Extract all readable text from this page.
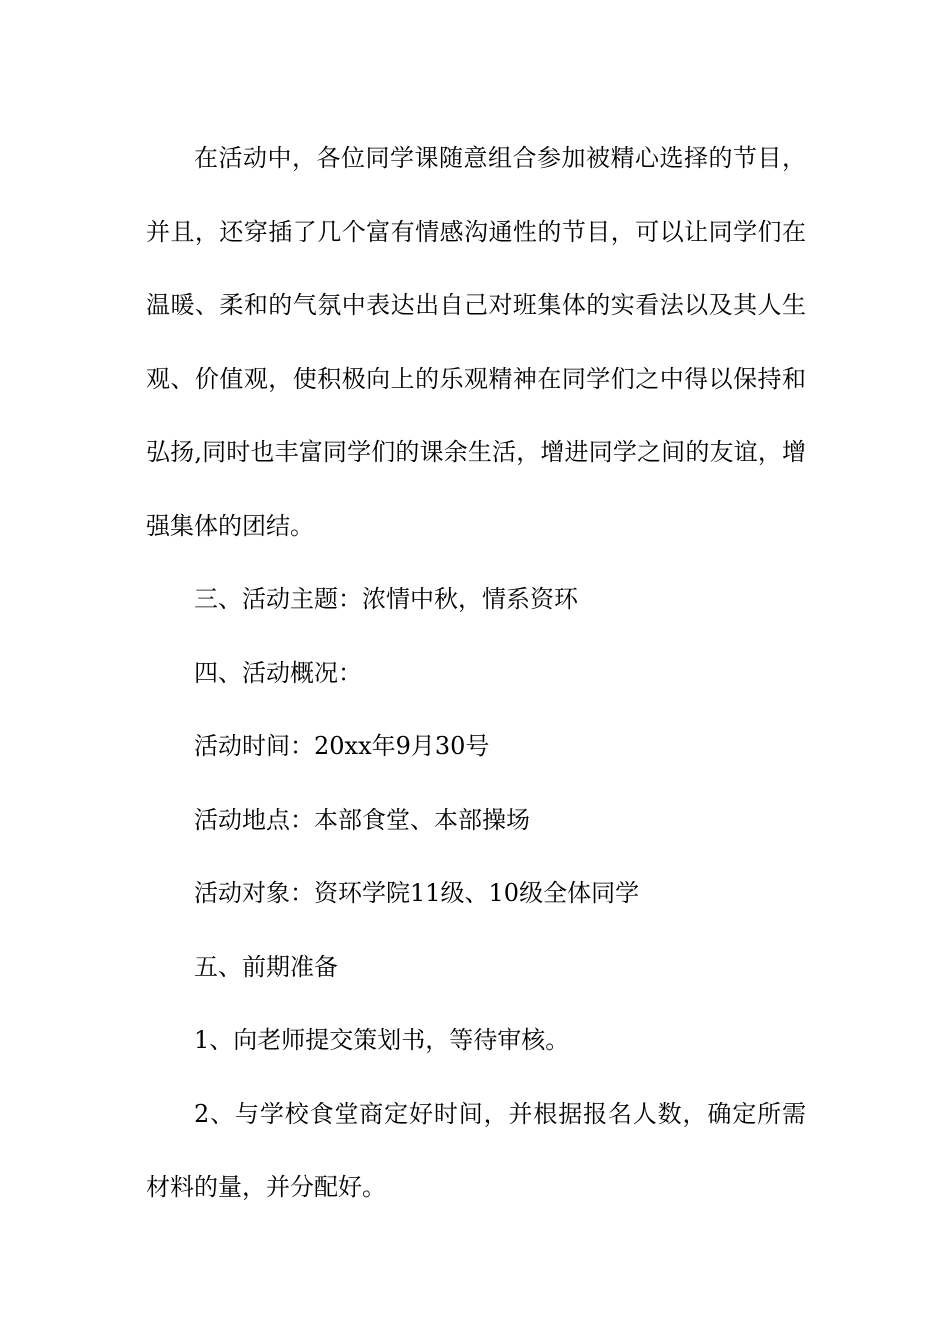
在活动中，各位同学课随意组合参加被精心选择的节目，并且，还穿插了几个富有情感沟通性的节目，可以让同学们在温暖、柔和的气氛中表达出自己对班集体的实看法以及其人生观、价值观，使积极向上的乐观精神在同学们之中得以保持和弘扬,同时也丰富同学们的课余生活，增进同学之间的友谊，增强集体的团结。

三、活动主题：浓情中秋，情系资环

四、活动概况：

活动时间：20xx年9月30号

活动地点：本部食堂、本部操场

活动对象：资环学院11级、10级全体同学

五、前期准备

1、向老师提交策划书，等待审核。

2、与学校食堂商定好时间，并根据报名人数，确定所需材料的量，并分配好。
